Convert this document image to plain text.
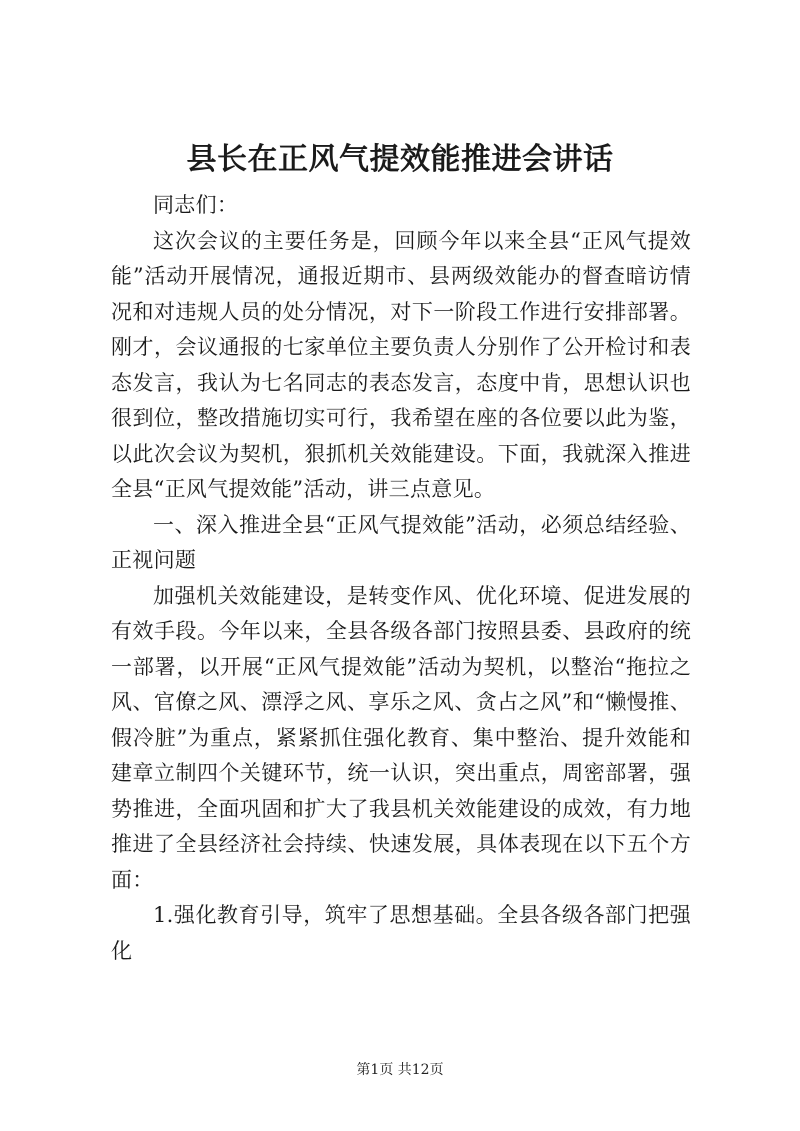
县长在正风气提效能推进会讲话

同志们：

这次会议的主要任务是，回顾今年以来全县“正风气提效能”活动开展情况，通报近期市、县两级效能办的督查暗访情况和对违规人员的处分情况，对下一阶段工作进行安排部署。刚才，会议通报的七家单位主要负责人分别作了公开检讨和表态发言，我认为七名同志的表态发言，态度中肯，思想认识也很到位，整改措施切实可行，我希望在座的各位要以此为鉴，以此次会议为契机，狠抓机关效能建设。下面，我就深入推进全县“正风气提效能”活动，讲三点意见。

一、深入推进全县“正风气提效能”活动，必须总结经验、正视问题

加强机关效能建设，是转变作风、优化环境、促进发展的有效手段。今年以来，全县各级各部门按照县委、县政府的统一部署，以开展“正风气提效能”活动为契机，以整治“拖拉之风、官僚之风、漂浮之风、享乐之风、贪占之风”和“懒慢推、假冷脏”为重点，紧紧抓住强化教育、集中整治、提升效能和建章立制四个关键环节，统一认识，突出重点，周密部署，强势推进，全面巩固和扩大了我县机关效能建设的成效，有力地推进了全县经济社会持续、快速发展，具体表现在以下五个方面：

1.强化教育引导，筑牢了思想基础。全县各级各部门把强化

第1页 共12页
